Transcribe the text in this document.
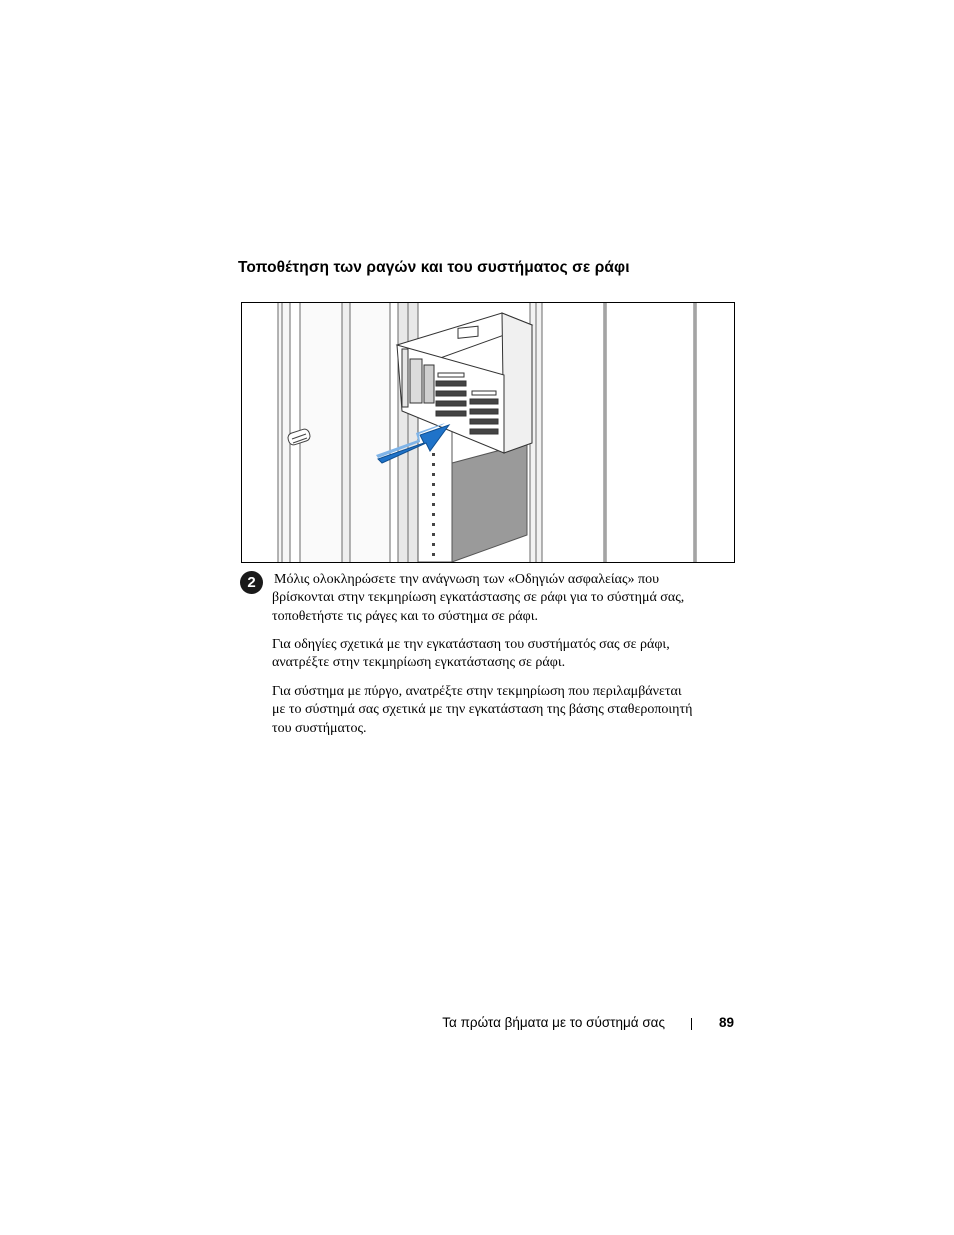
Τοποθέτηση των ραγών και του συστήματος σε ράφι
2	Μόλις ολοκληρώσετε την ανάγνωση των «Οδηγιών ασφαλείας» που
βρίσκονται στην τεκμηρίωση εγκατάστασης σε ράφι για το σύστημά σας,
τοποθετήστε τις ράγες και το σύστημα σε ράφι.
Για οδηγίες σχετικά με την εγκατάσταση του συστήματός σας σε ράφι,
ανατρέξτε στην τεκμηρίωση εγκατάστασης σε ράφι.
Για σύστημα με πύργο, ανατρέξτε στην τεκμηρίωση που περιλαμβάνεται
με το σύστημά σας σχετικά με την εγκατάσταση της βάσης σταθεροποιητή
του συστήματος.
Τα πρώτα βήματα με το σύστημά σας	89
